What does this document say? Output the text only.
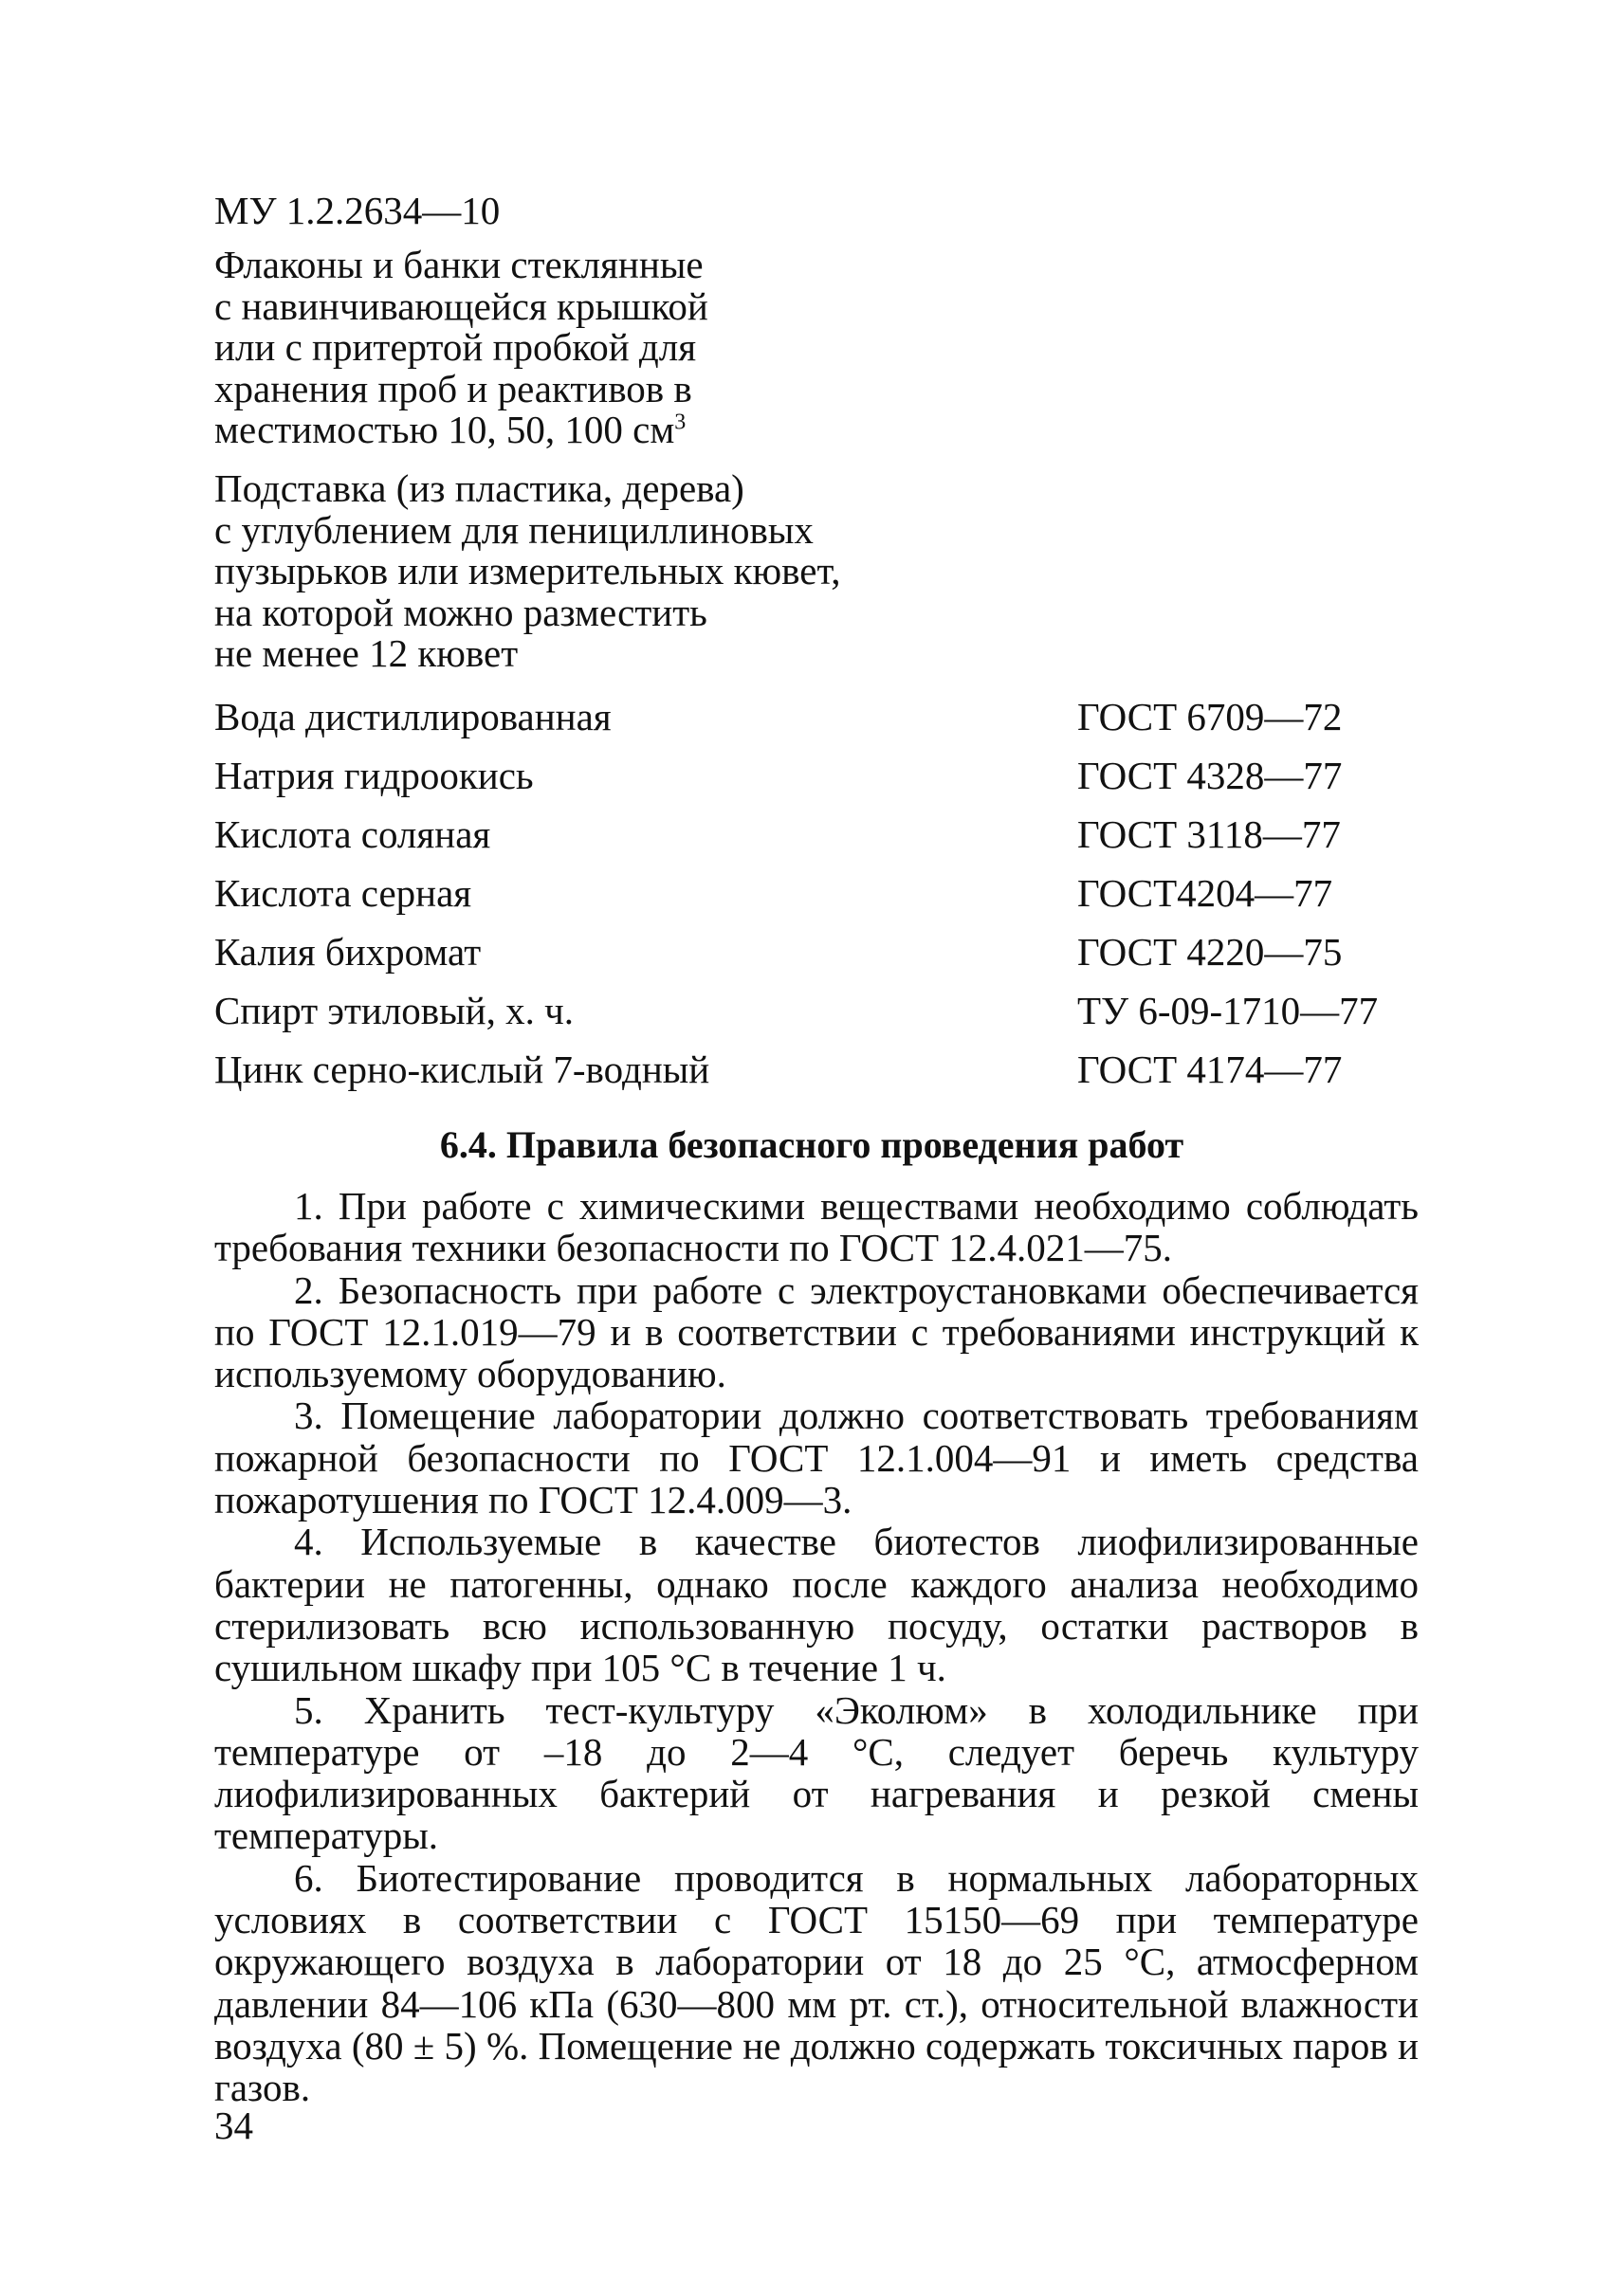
МУ 1.2.2634—10
Флаконы и банки стеклянные
с навинчивающейся крышкой
или с притертой пробкой для
хранения проб и реактивов в
местимостью 10, 50, 100 $см^3$
Подставка (из пластика, дерева)
с углублением для пенициллиновых
пузырьков или измерительных кювет,
на которой можно разместить
не менее 12 кювет
Вода дистиллированная	ГОСТ 6709—72
Натрия гидроокись	ГОСТ 4328—77
Кислота соляная	ГОСТ 3118—77
Кислота серная	ГОСТ4204—77
Калия бихромат	ГОСТ 4220—75
Спирт этиловый, х. ч.	ТУ 6-09-1710—77
Цинк серно-кислый 7-водный	ГОСТ 4174—77
6.4. Правила безопасного проведения работ

1. При работе с химическими веществами необходимо соблюдать требования техники безопасности по ГОСТ 12.4.021—75.

2. Безопасность при работе с электроустановками обеспечивается по ГОСТ 12.1.019—79 и в соответствии с требованиями инструкций к используемому оборудованию.

3. Помещение лаборатории должно соответствовать требованиям пожарной безопасности по ГОСТ 12.1.004—91 и иметь средства пожаротушения по ГОСТ 12.4.009—3.

4. Используемые в качестве биотестов лиофилизированные бактерии не патогенны, однако после каждого анализа необходимо стерилизовать всю использованную посуду, остатки растворов в сушильном шкафу при 105 °С в течение 1 ч.

5. Хранить тест-культуру «Эколюм» в холодильнике при температуре от –18 до 2—4 °С, следует беречь культуру лиофилизированных бактерий от нагревания и резкой смены температуры.

6. Биотестирование проводится в нормальных лабораторных условиях в соответствии с ГОСТ 15150—69 при температуре окружающего воздуха в лаборатории от 18 до 25 °С, атмосферном давлении 84—106 кПа (630—800 мм рт. ст.), относительной влажности воздуха (80 ± 5) %. Помещение не должно содержать токсичных паров и газов.

34
